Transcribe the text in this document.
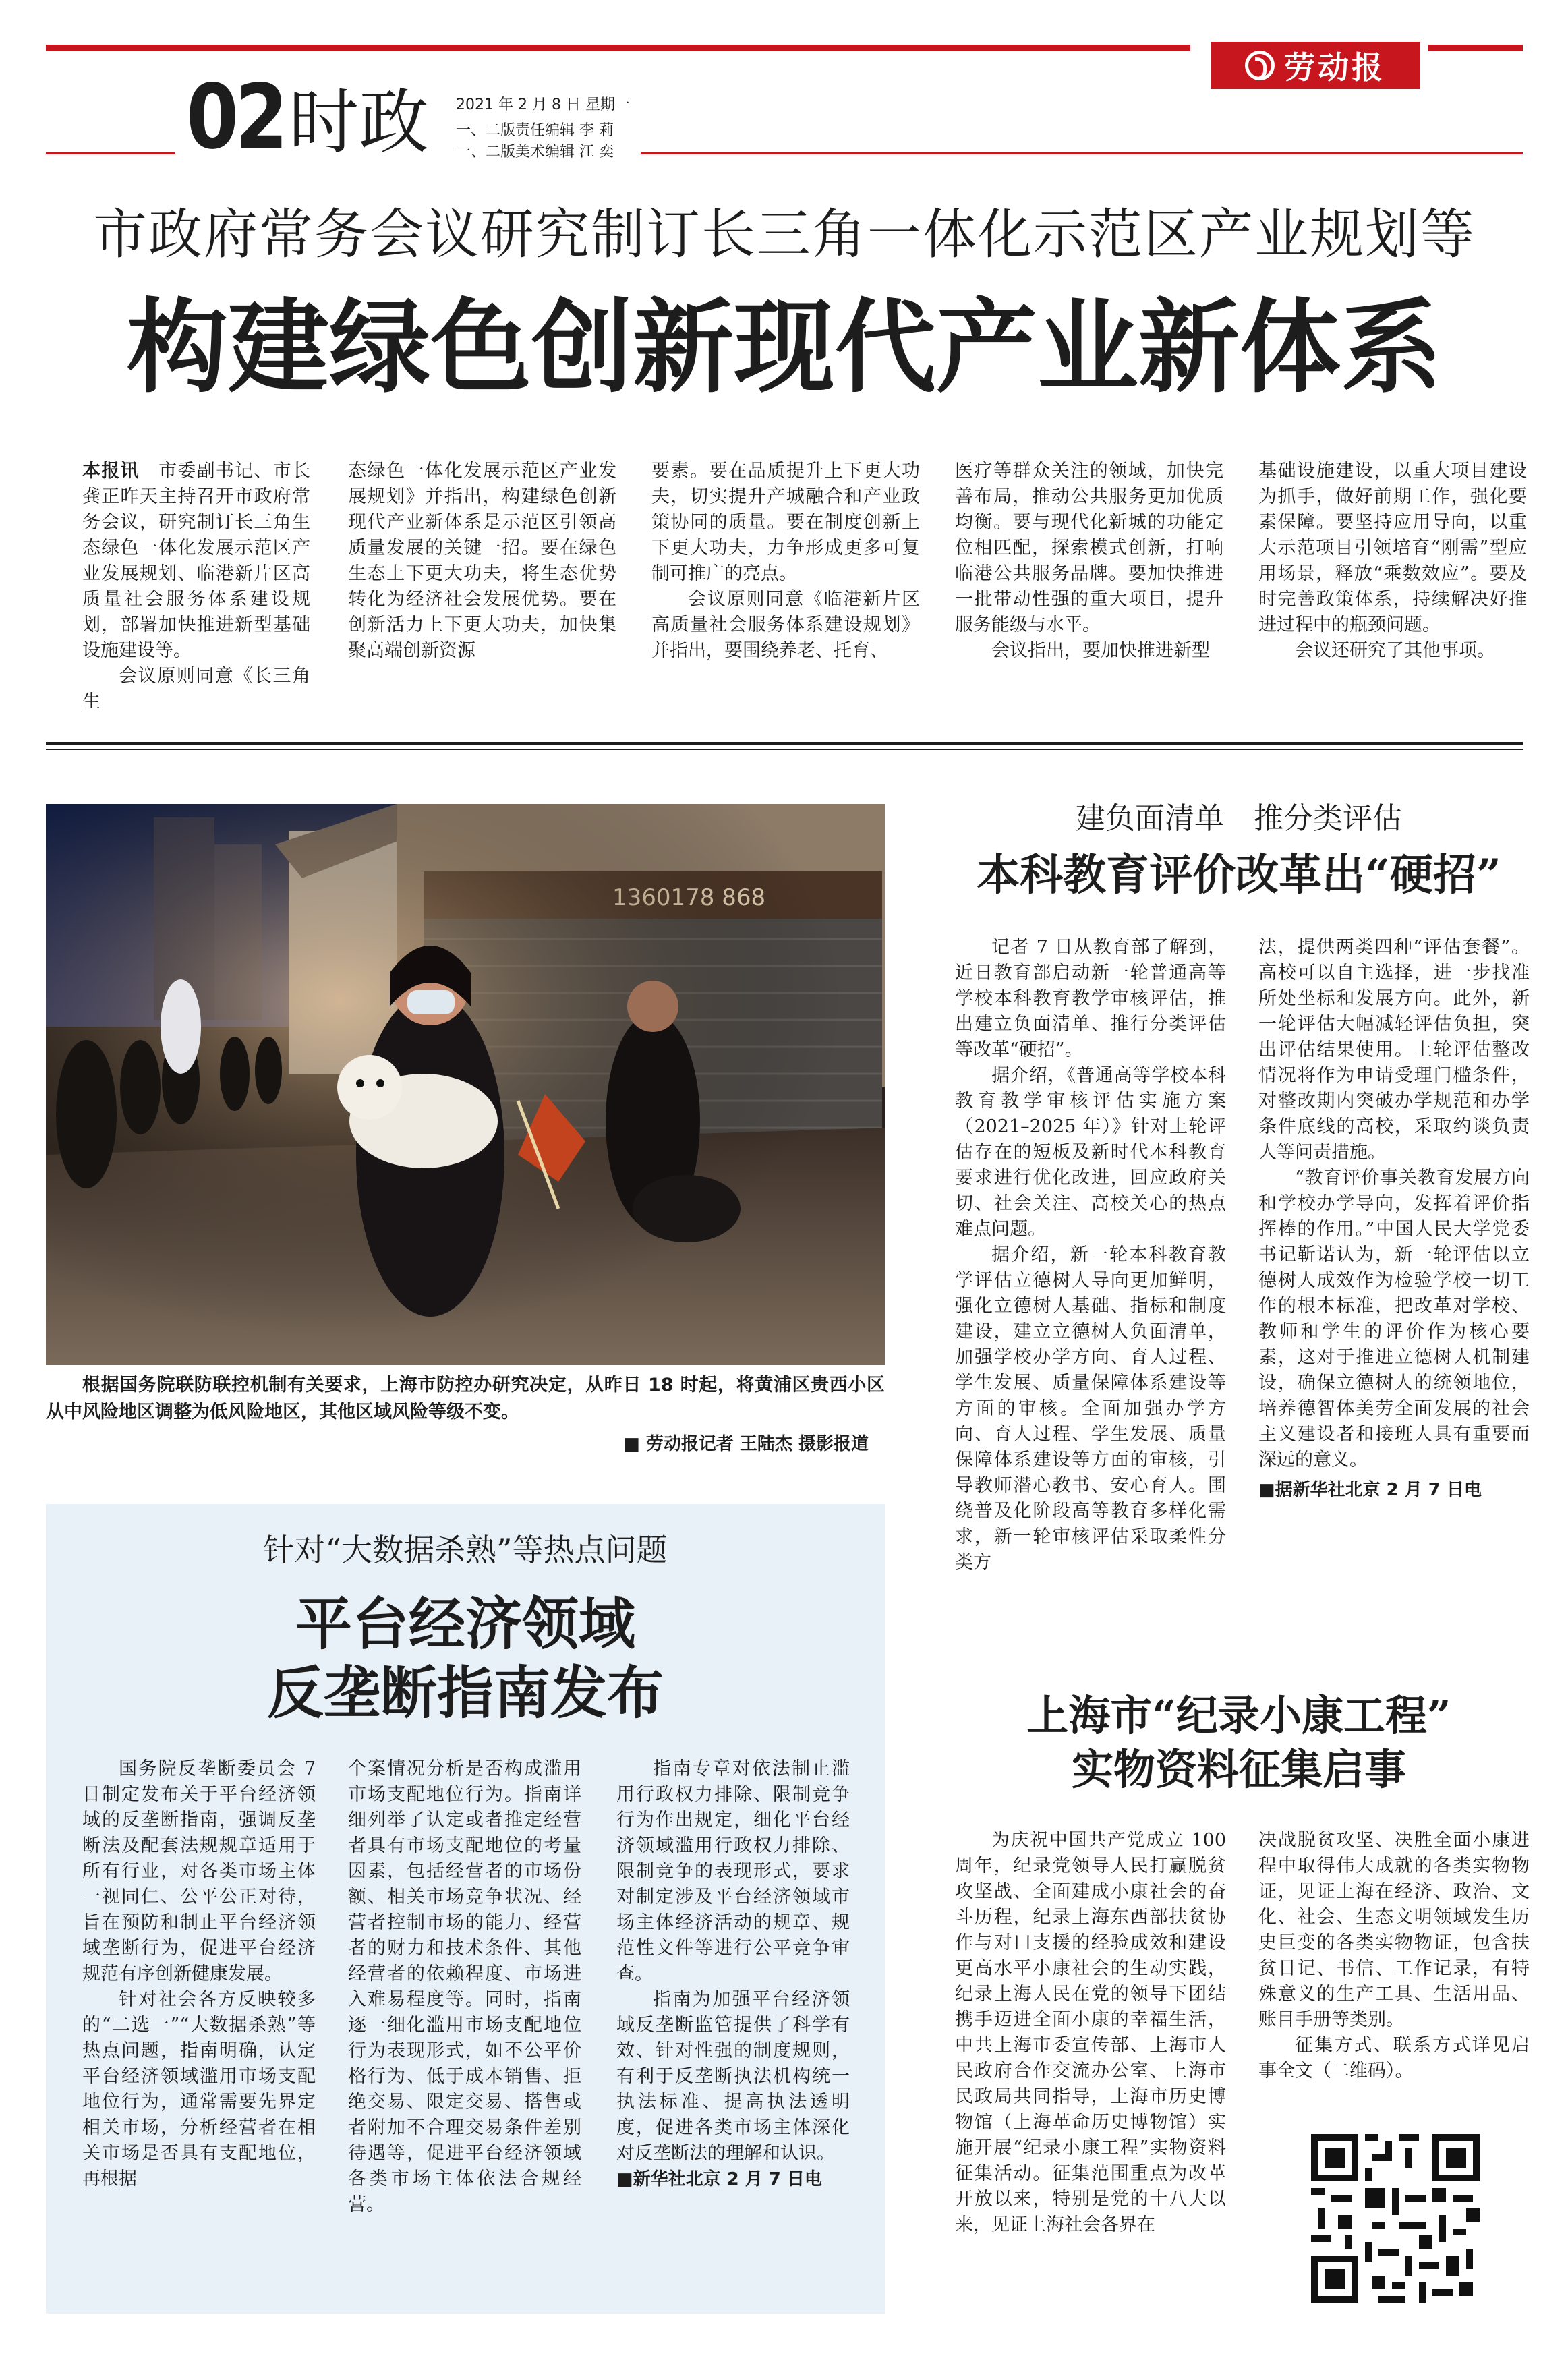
劳动报
02 时政 2021 年 2 月 8 日 星期一
一、二版责任编辑 李 莉
一、二版美术编辑 江 奕
市政府常务会议研究制订长三角一体化示范区产业规划等
构建绿色创新现代产业新体系

本报讯　 市委副书记、市长龚正昨天主持召开市政府常务会议，研究制订长三角生态绿色一体化发展示范区产业发展规划、临港新片区高质量社会服务体系建设规划，部署加快推进新型基础设施建设等。

会议原则同意《长三角生

态绿色一体化发展示范区产业发展规划》并指出，构建绿色创新现代产业新体系是示范区引领高质量发展的关键一招。要在绿色生态上下更大功夫，将生态优势转化为经济社会发展优势。要在创新活力上下更大功夫，加快集聚高端创新资源

要素。要在品质提升上下更大功夫，切实提升产城融合和产业政策协同的质量。要在制度创新上下更大功夫，力争形成更多可复制可推广的亮点。

会议原则同意《临港新片区高质量社会服务体系建设规划》并指出，要围绕养老、托育、

医疗等群众关注的领域，加快完善布局，推动公共服务更加优质均衡。要与现代化新城的功能定位相匹配，探索模式创新，打响临港公共服务品牌。要加快推进一批带动性强的重大项目，提升服务能级与水平。

会议指出，要加快推进新型

基础设施建设，以重大项目建设为抓手，做好前期工作，强化要素保障。要坚持应用导向，以重大示范项目引领培育“刚需”型应用场景，释放“乘数效应”。要及时完善政策体系，持续解决好推进过程中的瓶颈问题。

会议还研究了其他事项。

根据国务院联防联控机制有关要求，上海市防控办研究决定，从昨日 18 时起，将黄浦区贵西小区从中风险地区调整为低风险地区，其他区域风险等级不变。
■ 劳动报记者 王陆杰 摄影报道
建负面清单　推分类评估
本科教育评价改革出“硬招”

记者 7 日从教育部了解到，近日教育部启动新一轮普通高等学校本科教育教学审核评估，推出建立负面清单、推行分类评估等改革“硬招”。

据介绍，《普通高等学校本科教育教学审核评估实施方案（2021–2025 年）》针对上轮评估存在的短板及新时代本科教育要求进行优化改进，回应政府关切、社会关注、高校关心的热点难点问题。

据介绍，新一轮本科教育教学评估立德树人导向更加鲜明，强化立德树人基础、指标和制度建设，建立立德树人负面清单，加强学校办学方向、育人过程、学生发展、质量保障体系建设等方面的审核。全面加强办学方向、育人过程、学生发展、质量保障体系建设等方面的审核，引导教师潜心教书、安心育人。围绕普及化阶段高等教育多样化需求，新一轮审核评估采取柔性分类方

法，提供两类四种“评估套餐”。高校可以自主选择，进一步找准所处坐标和发展方向。此外，新一轮评估大幅减轻评估负担，突出评估结果使用。上轮评估整改情况将作为申请受理门槛条件，对整改期内突破办学规范和办学条件底线的高校，采取约谈负责人等问责措施。

“教育评价事关教育发展方向和学校办学导向，发挥着评价指挥棒的作用。”中国人民大学党委书记靳诺认为，新一轮评估以立德树人成效作为检验学校一切工作的根本标准，把改革对学校、教师和学生的评价作为核心要素，这对于推进立德树人机制建设，确保立德树人的统领地位，培养德智体美劳全面发展的社会主义建设者和接班人具有重要而深远的意义。

■据新华社北京 2 月 7 日电

针对“大数据杀熟”等热点问题
平台经济领域
反垄断指南发布

国务院反垄断委员会 7 日制定发布关于平台经济领域的反垄断指南，强调反垄断法及配套法规规章适用于所有行业，对各类市场主体一视同仁、公平公正对待，旨在预防和制止平台经济领域垄断行为，促进平台经济规范有序创新健康发展。

针对社会各方反映较多的“二选一”“大数据杀熟”等热点问题，指南明确，认定平台经济领域滥用市场支配地位行为，通常需要先界定相关市场，分析经营者在相关市场是否具有支配地位，再根据

个案情况分析是否构成滥用市场支配地位行为。指南详细列举了认定或者推定经营者具有市场支配地位的考量因素，包括经营者的市场份额、相关市场竞争状况、经营者控制市场的能力、经营者的财力和技术条件、其他经营者的依赖程度、市场进入难易程度等。同时，指南逐一细化滥用市场支配地位行为表现形式，如不公平价格行为、低于成本销售、拒绝交易、限定交易、搭售或者附加不合理交易条件差别待遇等，促进平台经济领域各类市场主体依法合规经营。

指南专章对依法制止滥用行政权力排除、限制竞争行为作出规定，细化平台经济领域滥用行政权力排除、限制竞争的表现形式，要求对制定涉及平台经济领域市场主体经济活动的规章、规范性文件等进行公平竞争审查。

指南为加强平台经济领域反垄断监管提供了科学有效、针对性强的制度规则，有利于反垄断执法机构统一执法标准、提高执法透明度，促进各类市场主体深化对反垄断法的理解和认识。

■新华社北京 2 月 7 日电

上海市“纪录小康工程”
实物资料征集启事

为庆祝中国共产党成立 100 周年，纪录党领导人民打赢脱贫攻坚战、全面建成小康社会的奋斗历程，纪录上海东西部扶贫协作与对口支援的经验成效和建设更高水平小康社会的生动实践，纪录上海人民在党的领导下团结携手迈进全面小康的幸福生活，中共上海市委宣传部、上海市人民政府合作交流办公室、上海市民政局共同指导，上海市历史博物馆（上海革命历史博物馆）实施开展“纪录小康工程”实物资料征集活动。征集范围重点为改革开放以来，特别是党的十八大以来，见证上海社会各界在

决战脱贫攻坚、决胜全面小康进程中取得伟大成就的各类实物物证，见证上海在经济、政治、文化、社会、生态文明领域发生历史巨变的各类实物物证，包含扶贫日记、书信、工作记录，有特殊意义的生产工具、生活用品、账目手册等类别。

征集方式、联系方式详见启事全文（二维码）。
